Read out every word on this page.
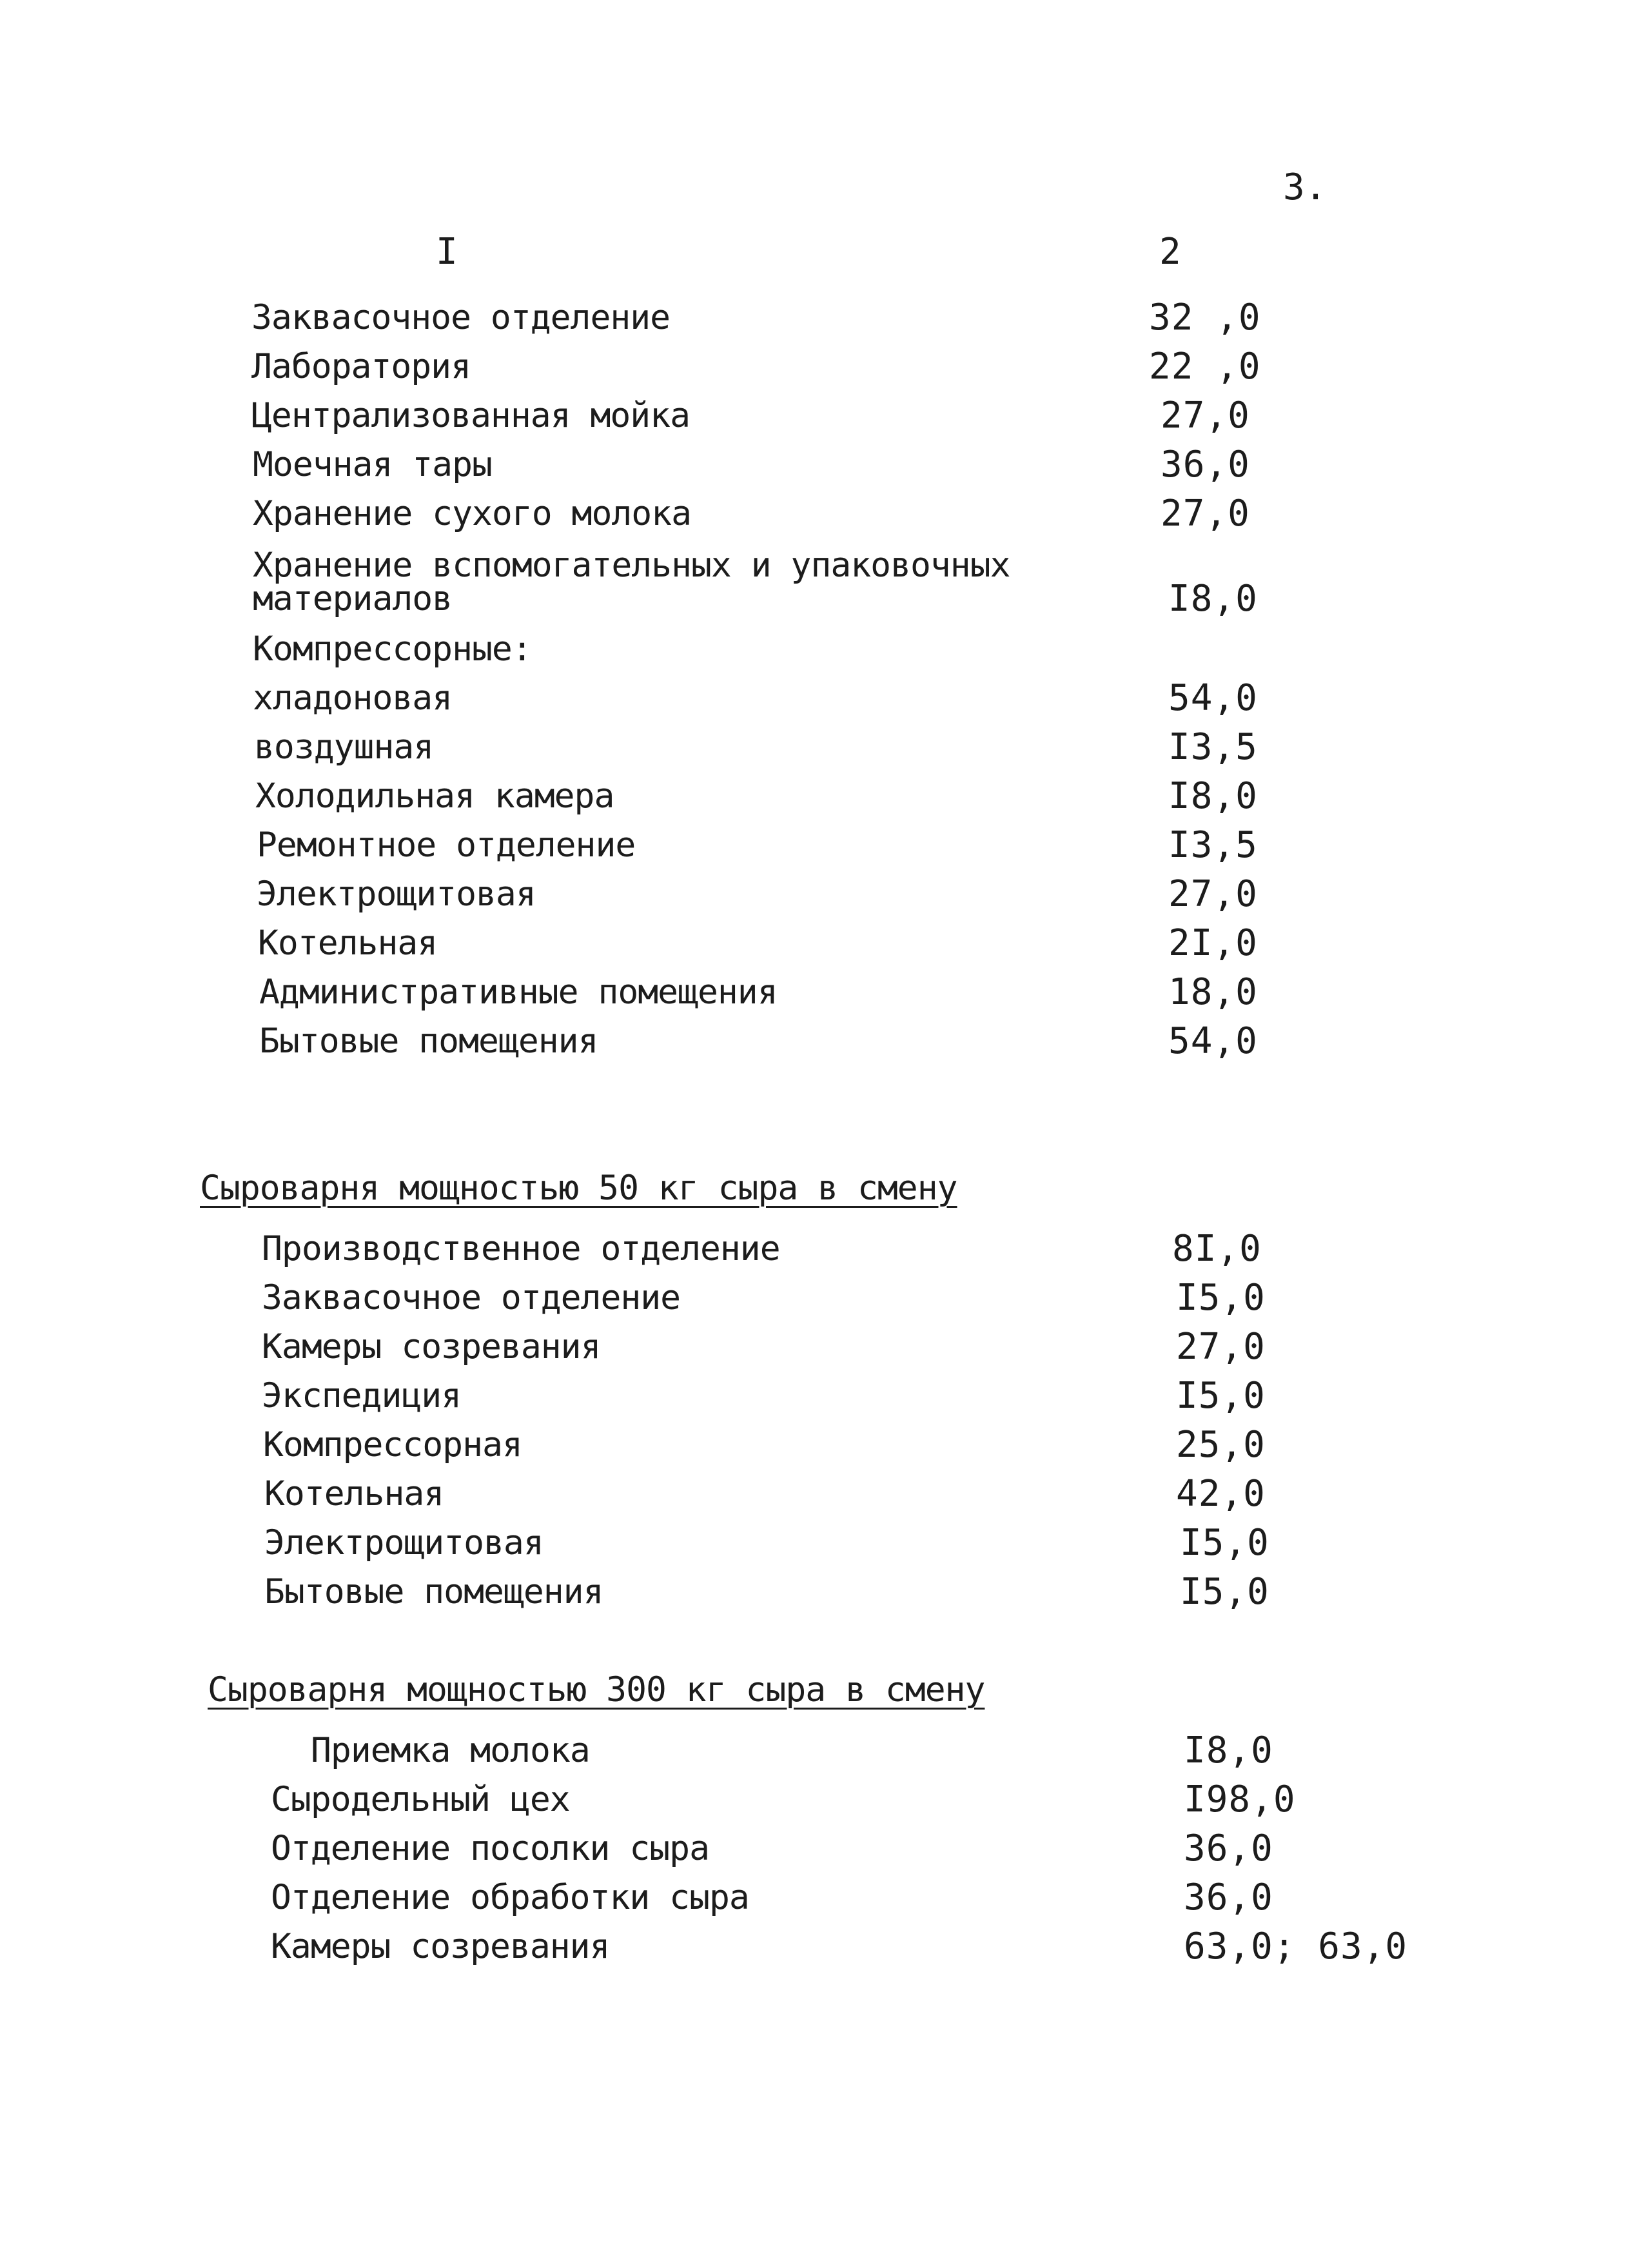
3.
I	2
Заквасочное отделение	32 ,0
Лаборатория	22 ,0
Централизованная мойка	27,0
Моечная тары	36,0
Хранение сухого молока	27,0
Хранение вспомогательных и упаковочных
материалов	I8,0
Компрессорные:
хладоновая	54,0
воздушная	I3,5
Холодильная камера	I8,0
Ремонтное отделение	I3,5
Электрощитовая	27,0
Котельная	2I,0
Административные помещения	18,0
Бытовые помещения	54,0
Сыроварня мощностью 50 кг сыра в смену
Производственное отделение	8I,0
Заквасочное отделение	I5,0
Камеры созревания	27,0
Экспедиция	I5,0
Компрессорная	25,0
Котельная	42,0
Электрощитовая	I5,0
Бытовые помещения	I5,0
Сыроварня мощностью 300 кг сыра в смену
Приемка молока	I8,0
Сыродельный цех	I98,0
Отделение посолки сыра	36,0
Отделение обработки сыра	36,0
Камеры созревания	63,0; 63,0
